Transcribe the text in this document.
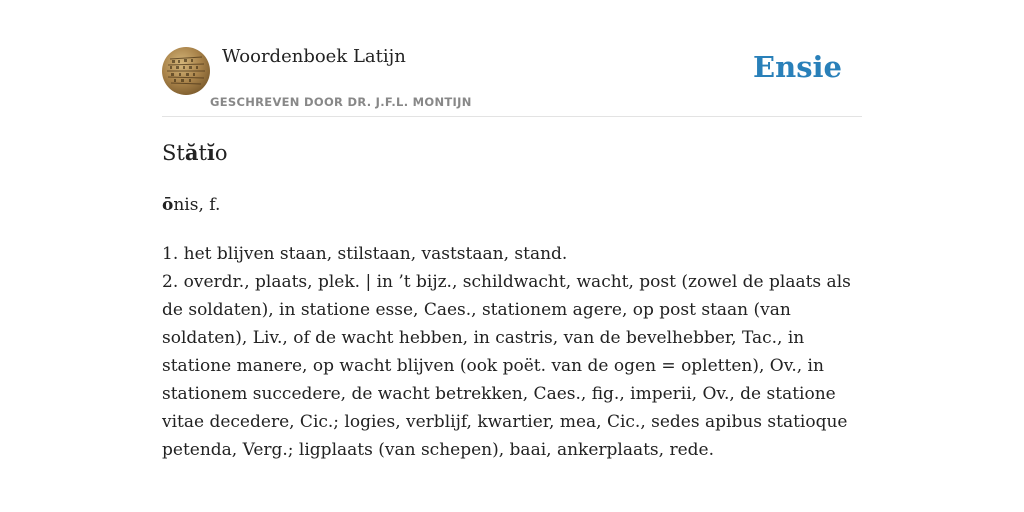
Woordenboek Latijn
GESCHREVEN DOOR DR. J.F.L. MONTIJN
Ensie
Stătĭo
ōnis, f.

1. het blijven staan, stilstaan, vaststaan, stand.

2. overdr., plaats, plek. | in ’t bijz., schildwacht, wacht, post (zowel de plaats als de soldaten), in statione esse, Caes., stationem agere, op post staan (van soldaten), Liv., of de wacht hebben, in castris, van de bevelhebber, Tac., in statione manere, op wacht blijven (ook poët. van de ogen = opletten), Ov., in stationem succedere, de wacht betrekken, Caes., fig., imperii, Ov., de statione vitae decedere, Cic.; logies, verblijf, kwartier, mea, Cic., sedes apibus statioque petenda, Verg.; ligplaats (van schepen), baai, ankerplaats, rede.
